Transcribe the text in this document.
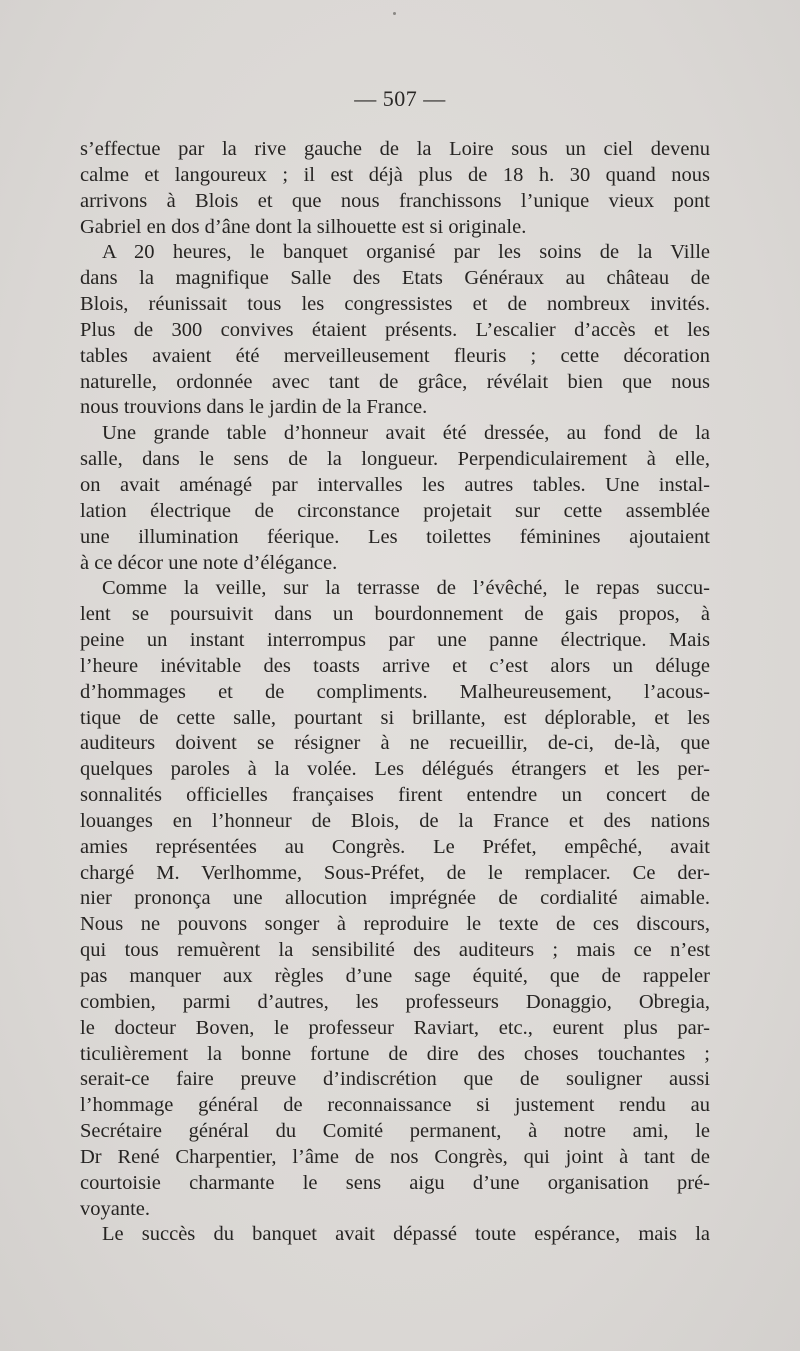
— 507 —
s’effectue par la rive gauche de la Loire sous un ciel devenu
calme et langoureux ; il est déjà plus de 18 h. 30 quand nous
arrivons à Blois et que nous franchissons l’unique vieux pont
Gabriel en dos d’âne dont la silhouette est si originale.
A 20 heures, le banquet organisé par les soins de la Ville
dans la magnifique Salle des Etats Généraux au château de
Blois, réunissait tous les congressistes et de nombreux invités.
Plus de 300 convives étaient présents. L’escalier d’accès et les
tables avaient été merveilleusement fleuris ; cette décoration
naturelle, ordonnée avec tant de grâce, révélait bien que nous
nous trouvions dans le jardin de la France.
Une grande table d’honneur avait été dressée, au fond de la
salle, dans le sens de la longueur. Perpendiculairement à elle,
on avait aménagé par intervalles les autres tables. Une instal-
lation électrique de circonstance projetait sur cette assemblée
une illumination féerique. Les toilettes féminines ajoutaient
à ce décor une note d’élégance.
Comme la veille, sur la terrasse de l’évêché, le repas succu-
lent se poursuivit dans un bourdonnement de gais propos, à
peine un instant interrompus par une panne électrique. Mais
l’heure inévitable des toasts arrive et c’est alors un déluge
d’hommages et de compliments. Malheureusement, l’acous-
tique de cette salle, pourtant si brillante, est déplorable, et les
auditeurs doivent se résigner à ne recueillir, de-ci, de-là, que
quelques paroles à la volée. Les délégués étrangers et les per-
sonnalités officielles françaises firent entendre un concert de
louanges en l’honneur de Blois, de la France et des nations
amies représentées au Congrès. Le Préfet, empêché, avait
chargé M. Verlhomme, Sous-Préfet, de le remplacer. Ce der-
nier prononça une allocution imprégnée de cordialité aimable.
Nous ne pouvons songer à reproduire le texte de ces discours,
qui tous remuèrent la sensibilité des auditeurs ; mais ce n’est
pas manquer aux règles d’une sage équité, que de rappeler
combien, parmi d’autres, les professeurs Donaggio, Obregia,
le docteur Boven, le professeur Raviart, etc., eurent plus par-
ticulièrement la bonne fortune de dire des choses touchantes ;
serait-ce faire preuve d’indiscrétion que de souligner aussi
l’hommage général de reconnaissance si justement rendu au
Secrétaire général du Comité permanent, à notre ami, le
Dr René Charpentier, l’âme de nos Congrès, qui joint à tant de
courtoisie charmante le sens aigu d’une organisation pré-
voyante.
Le succès du banquet avait dépassé toute espérance, mais la
